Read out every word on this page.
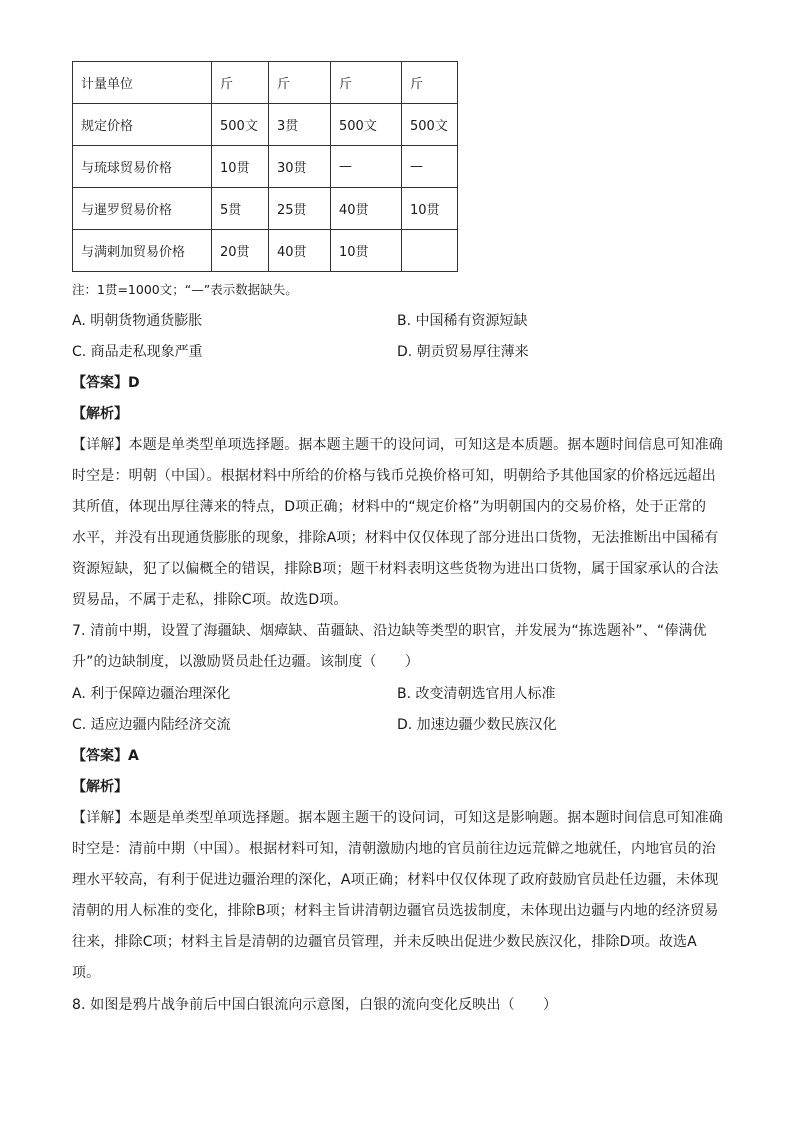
计量单位	斤	斤	斤	斤
规定价格	500文	3贯	500文	500文
与琉球贸易价格	10贯	30贯	—	—
与暹罗贸易价格	5贯	25贯	40贯	10贯
与满剌加贸易价格	20贯	40贯	10贯	
注：1贯=1000文；“—”表示数据缺失。
A. 明朝货物通货膨胀	B. 中国稀有资源短缺
C. 商品走私现象严重	D. 朝贡贸易厚往薄来
【答案】D
【解析】
【详解】本题是单类型单项选择题。据本题主题干的设问词，可知这是本质题。据本题时间信息可知准确
时空是：明朝（中国）。根据材料中所给的价格与钱币兑换价格可知，明朝给予其他国家的价格远远超出
其所值，体现出厚往薄来的特点，D项正确；材料中的“规定价格”为明朝国内的交易价格，处于正常的
水平，并没有出现通货膨胀的现象，排除A项；材料中仅仅体现了部分进出口货物，无法推断出中国稀有
资源短缺，犯了以偏概全的错误，排除B项；题干材料表明这些货物为进出口货物，属于国家承认的合法
贸易品，不属于走私，排除C项。故选D项。
7. 清前中期，设置了海疆缺、烟瘴缺、苗疆缺、沿边缺等类型的职官，并发展为“拣选题补”、“俸满优
升”的边缺制度，以激励贤员赴任边疆。该制度（　　）
A. 利于保障边疆治理深化	B. 改变清朝选官用人标准
C. 适应边疆内陆经济交流	D. 加速边疆少数民族汉化
【答案】A
【解析】
【详解】本题是单类型单项选择题。据本题主题干的设问词，可知这是影响题。据本题时间信息可知准确
时空是：清前中期（中国）。根据材料可知，清朝激励内地的官员前往边远荒僻之地就任，内地官员的治
理水平较高，有利于促进边疆治理的深化，A项正确；材料中仅仅体现了政府鼓励官员赴任边疆，未体现
清朝的用人标准的变化，排除B项；材料主旨讲清朝边疆官员选拔制度，未体现出边疆与内地的经济贸易
往来，排除C项；材料主旨是清朝的边疆官员管理，并未反映出促进少数民族汉化，排除D项。故选A
项。
8. 如图是鸦片战争前后中国白银流向示意图，白银的流向变化反映出（　　）
